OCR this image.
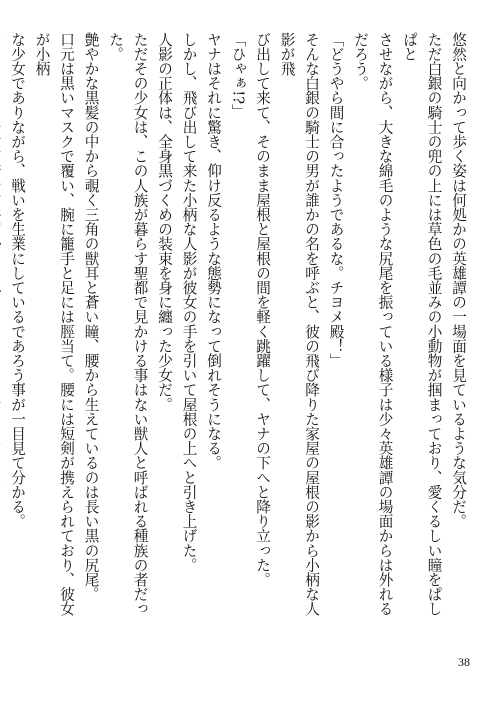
悠然と向かって歩く姿は何処かの英雄譚の一場面を見ているような気分だ。
ただ白銀の騎士の兜の上には草色の毛並みの小動物が掴まっており、愛くるしい瞳をぱしぱと
させながら、大きな綿毛のような尻尾を振っている様子は少々英雄譚の場面からは外れるだろう。
「どうやら間に合ったようであるな。チヨメ殿！」
そんな白銀の騎士の男が誰かの名を呼ぶと、彼の飛び降りた家屋の屋根の影から小柄な人影が飛
び出して来て、そのまま屋根と屋根の間を軽く跳躍して、ヤナの下へと降り立った。
「ひゃぁ!?」
ヤナはそれに驚き、仰け反るような態勢になって倒れそうになる。
しかし、飛び出して来た小柄な人影が彼女の手を引いて屋根の上へと引き上げた。
人影の正体は、全身黒づくめの装束を身に纏った少女だ。
ただその少女は、この人族が暮らす聖都で見かける事はない獣人と呼ばれる種族の者だった。
艶やかな黒髪の中から覗く三角の獣耳と蒼い瞳、腰から生えているのは長い黒の尻尾。
口元は黒いマスクで覆い、腕に籠手と足には脛当て。腰には短剣が携えられており、彼女が小柄
な少女でありながら、戦いを生業にしているであろう事が一目見て分かる。
38
